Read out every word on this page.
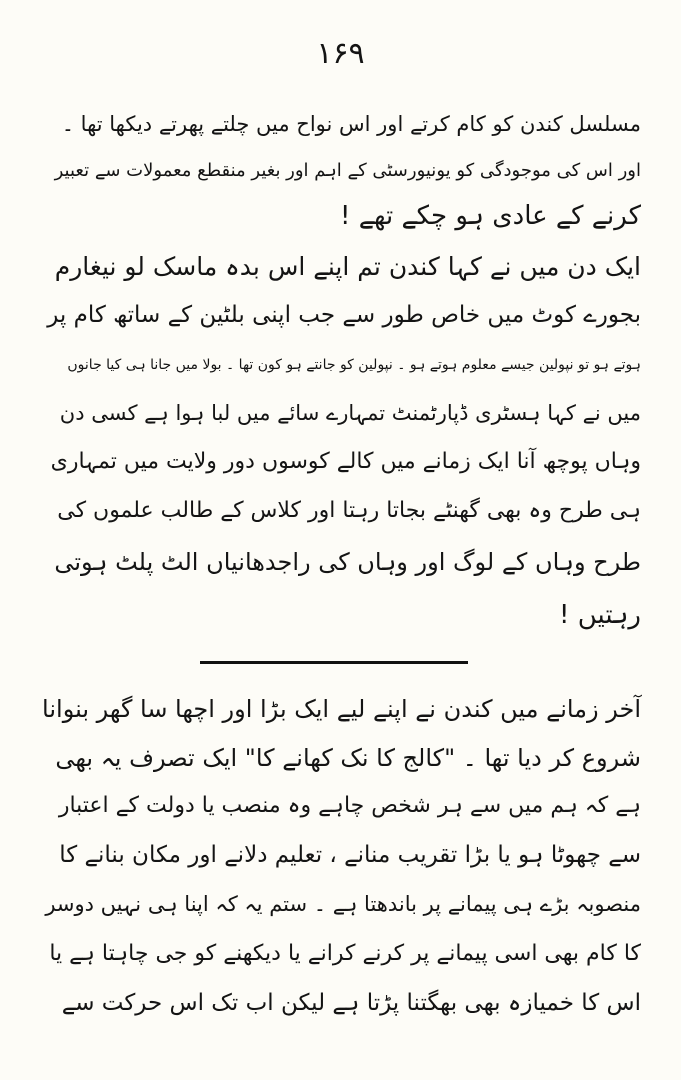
۱۶۹
مسلسل کندن کو کام کرتے اور اس نواح میں چلتے پھرتے دیکھا تھا ۔
اور اس کی موجودگی کو یونیورسٹی کے اہم اور بغیر منقطع معمولات سے تعبیر
کرنے کے عادی ہو چکے تھے !
ایک دن میں نے کہا کندن تم اپنے اس بدہ ماسک لو نیغارم
بجورے کوٹ میں خاص طور سے جب اپنی بلٹین کے ساتھ کام پر
ہوتے ہو تو نپولین جیسے معلوم ہوتے ہو ۔ نپولین کو جانتے ہو کون تھا ۔ بولا میں جانا ہی کیا جانوں
میں نے کہا ہسٹری ڈپارٹمنٹ تمہارے سائے میں لبا ہوا ہے کسی دن
وہاں پوچھ آنا ایک زمانے میں کالے کوسوں دور ولایت میں تمہاری
ہی طرح وہ بھی گھنٹے بجاتا رہتا اور کلاس کے طالب علموں کی
طرح وہاں کے لوگ اور وہاں کی راجدھانیاں الٹ پلٹ ہوتی
رہتیں !
آخر زمانے میں کندن نے اپنے لیے ایک بڑا اور اچھا سا گھر بنوانا
شروع کر دیا تھا ۔ "کالج کا نک کھانے کا" ایک تصرف یہ بھی
ہے کہ ہم میں سے ہر شخص چاہے وہ منصب یا دولت کے اعتبار
سے چھوٹا ہو یا بڑا تقریب منانے ، تعلیم دلانے اور مکان بنانے کا
منصوبہ بڑے ہی پیمانے پر باندھتا ہے ۔ ستم یہ کہ اپنا ہی نہیں دوسر
کا کام بھی اسی پیمانے پر کرنے کرانے یا دیکھنے کو جی چاہتا ہے یا
اس کا خمیازہ بھی بھگتنا پڑتا ہے لیکن اب تک اس حرکت سے
